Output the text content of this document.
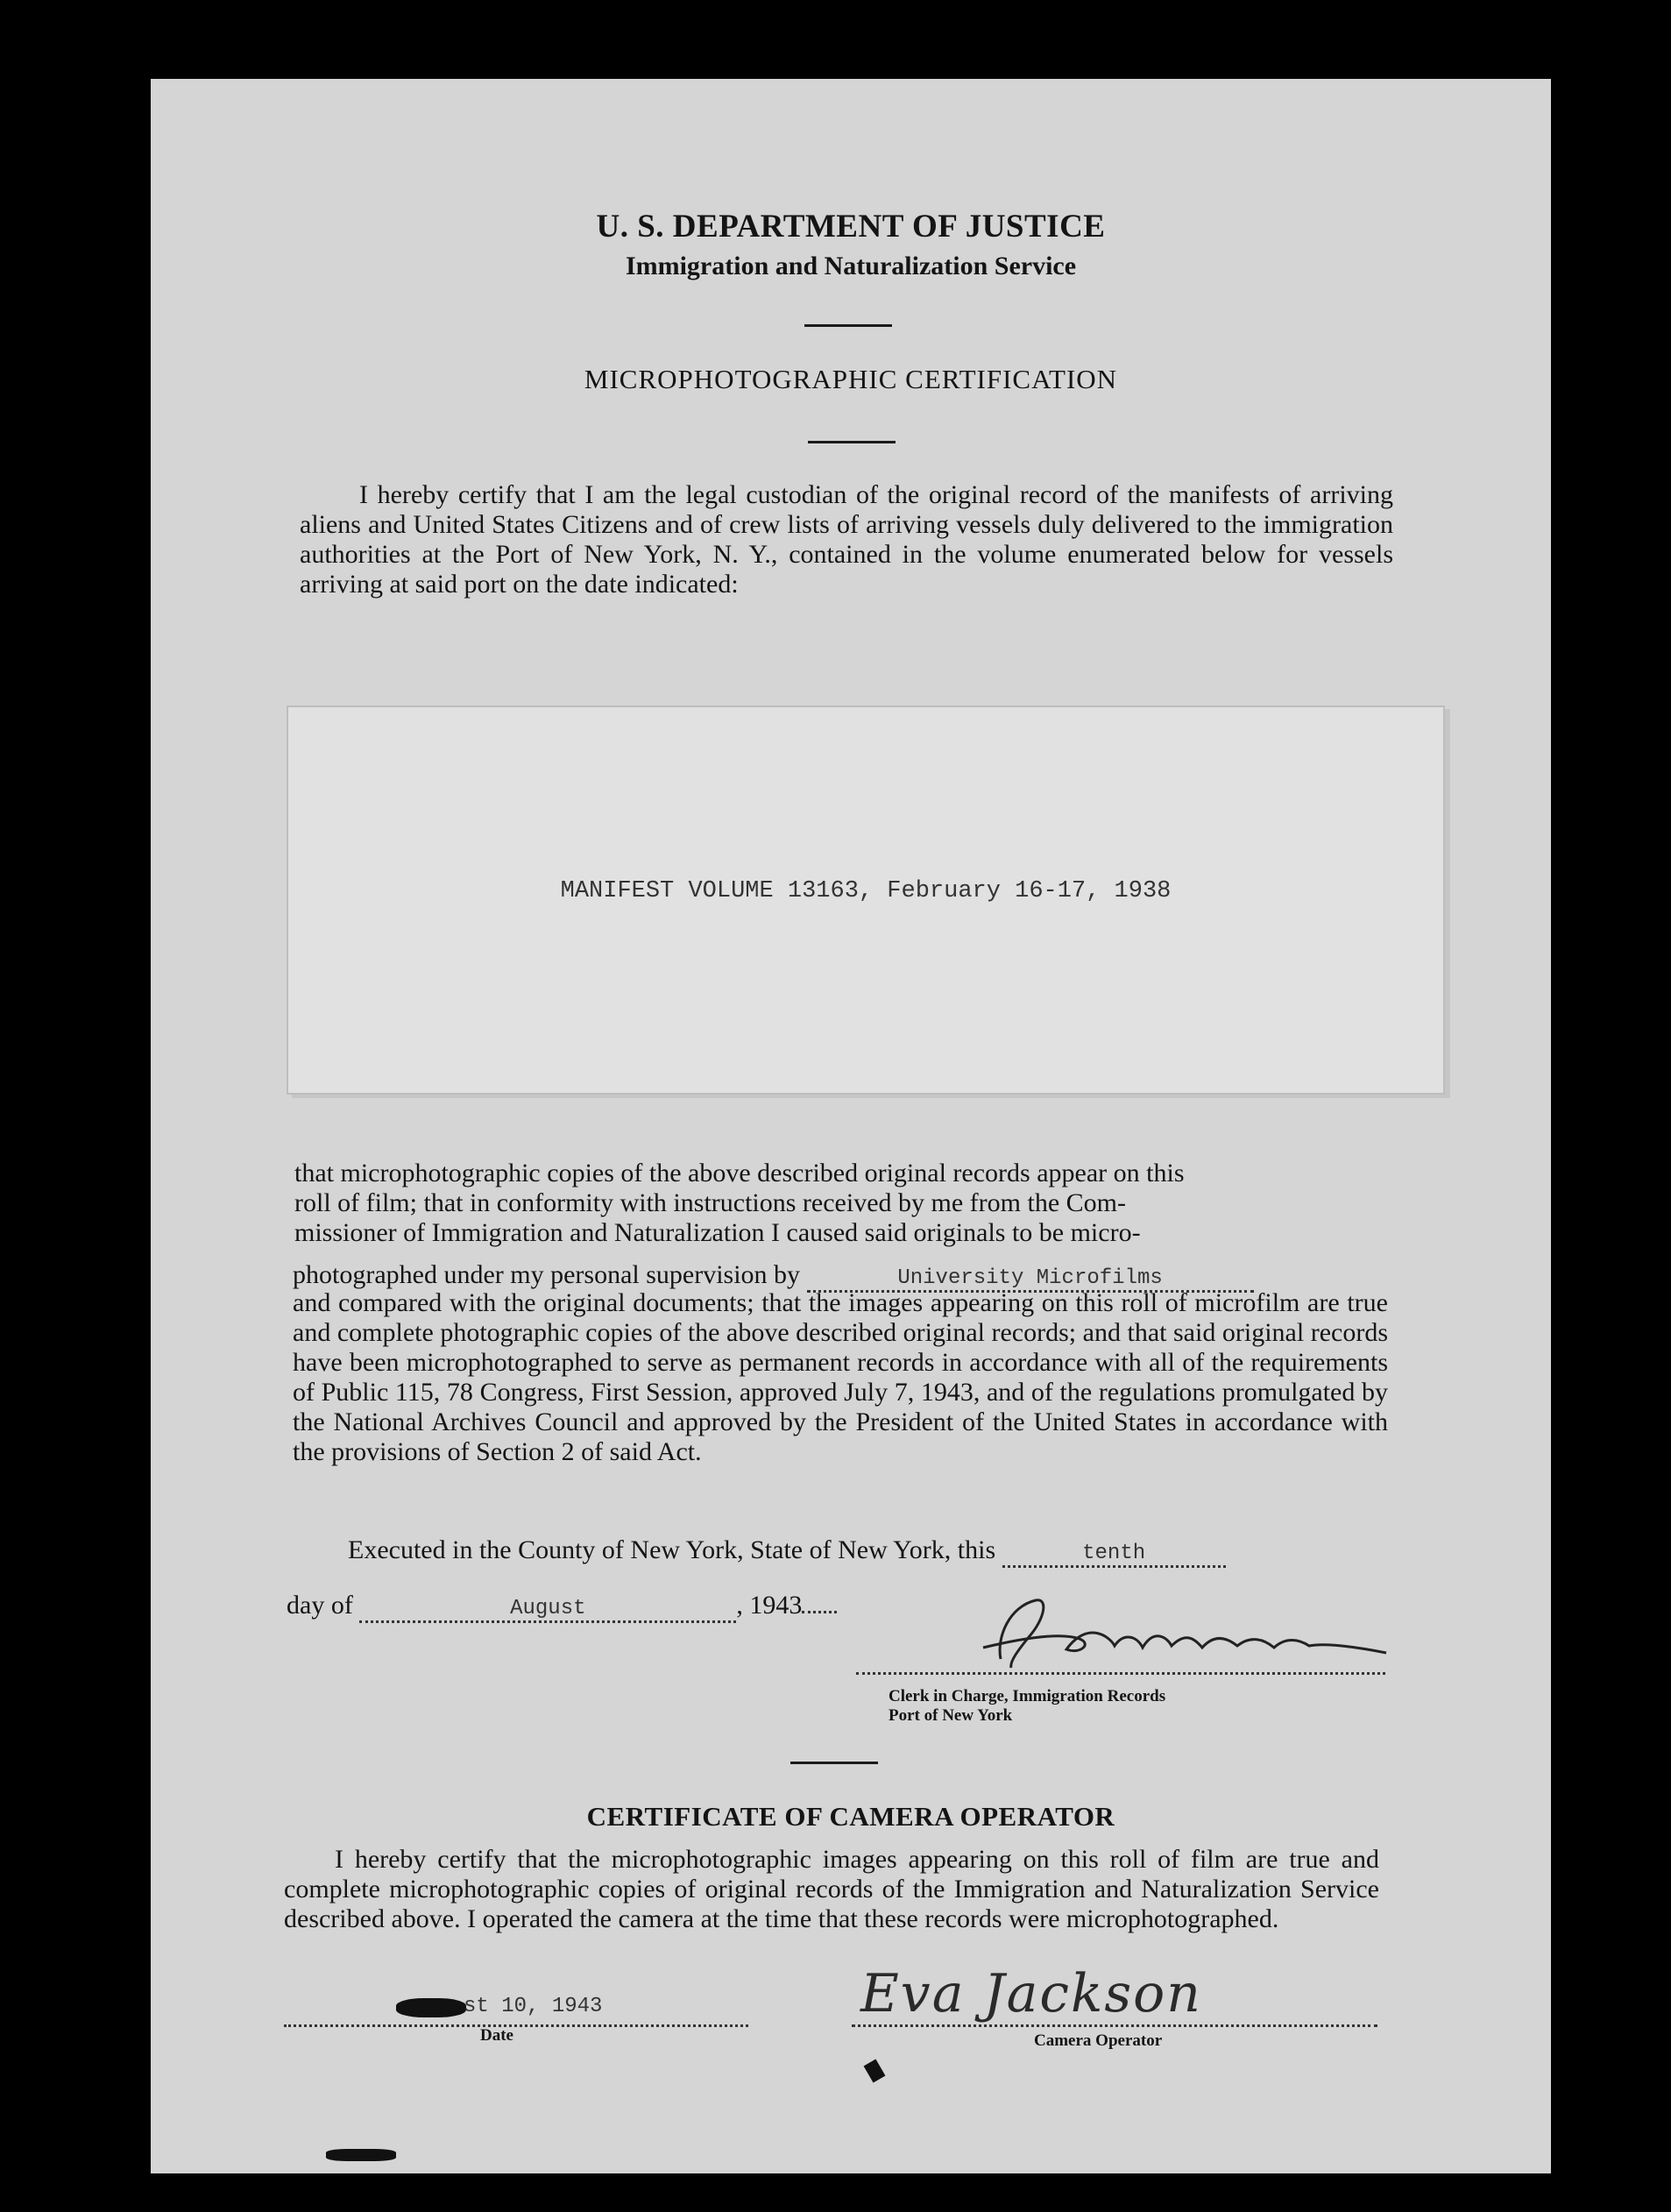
U. S. DEPARTMENT OF JUSTICE
Immigration and Naturalization Service
MICROPHOTOGRAPHIC CERTIFICATION
I hereby certify that I am the legal custodian of the original record of the manifests of arriving aliens and United States Citizens and of crew lists of arriving vessels duly delivered to the immigration authorities at the Port of New York, N. Y., contained in the volume enumerated below for vessels arriving at said port on the date indicated:
MANIFEST VOLUME 13163, February 16-17, 1938
that microphotographic copies of the above described original records appear on this
roll of film; that in conformity with instructions received by me from the Com-
missioner of Immigration and Naturalization I caused said originals to be micro-
photographed under my personal supervision by	University Microfilms
and compared with the original documents; that the images appearing on this roll of microfilm are true and complete photographic copies of the above described original records; and that said original records have been microphotographed to serve as permanent records in accordance with all of the requirements of Public 115, 78 Congress, First Session, approved July 7, 1943, and of the regulations promulgated by the National Archives Council and approved by the President of the United States in accordance with the provisions of Section 2 of said Act.
Executed in the County of New York, State of New York, this	tenth
day of	August	, 1943
Clerk in Charge, Immigration Records
Port of New York
CERTIFICATE OF CAMERA OPERATOR
I hereby certify that the microphotographic images appearing on this roll of film are true and complete microphotographic copies of original records of the Immigration and Naturalization Service described above. I operated the camera at the time that these records were microphotographed.
st 10, 1943
Date
Eva Jackson
Camera Operator
